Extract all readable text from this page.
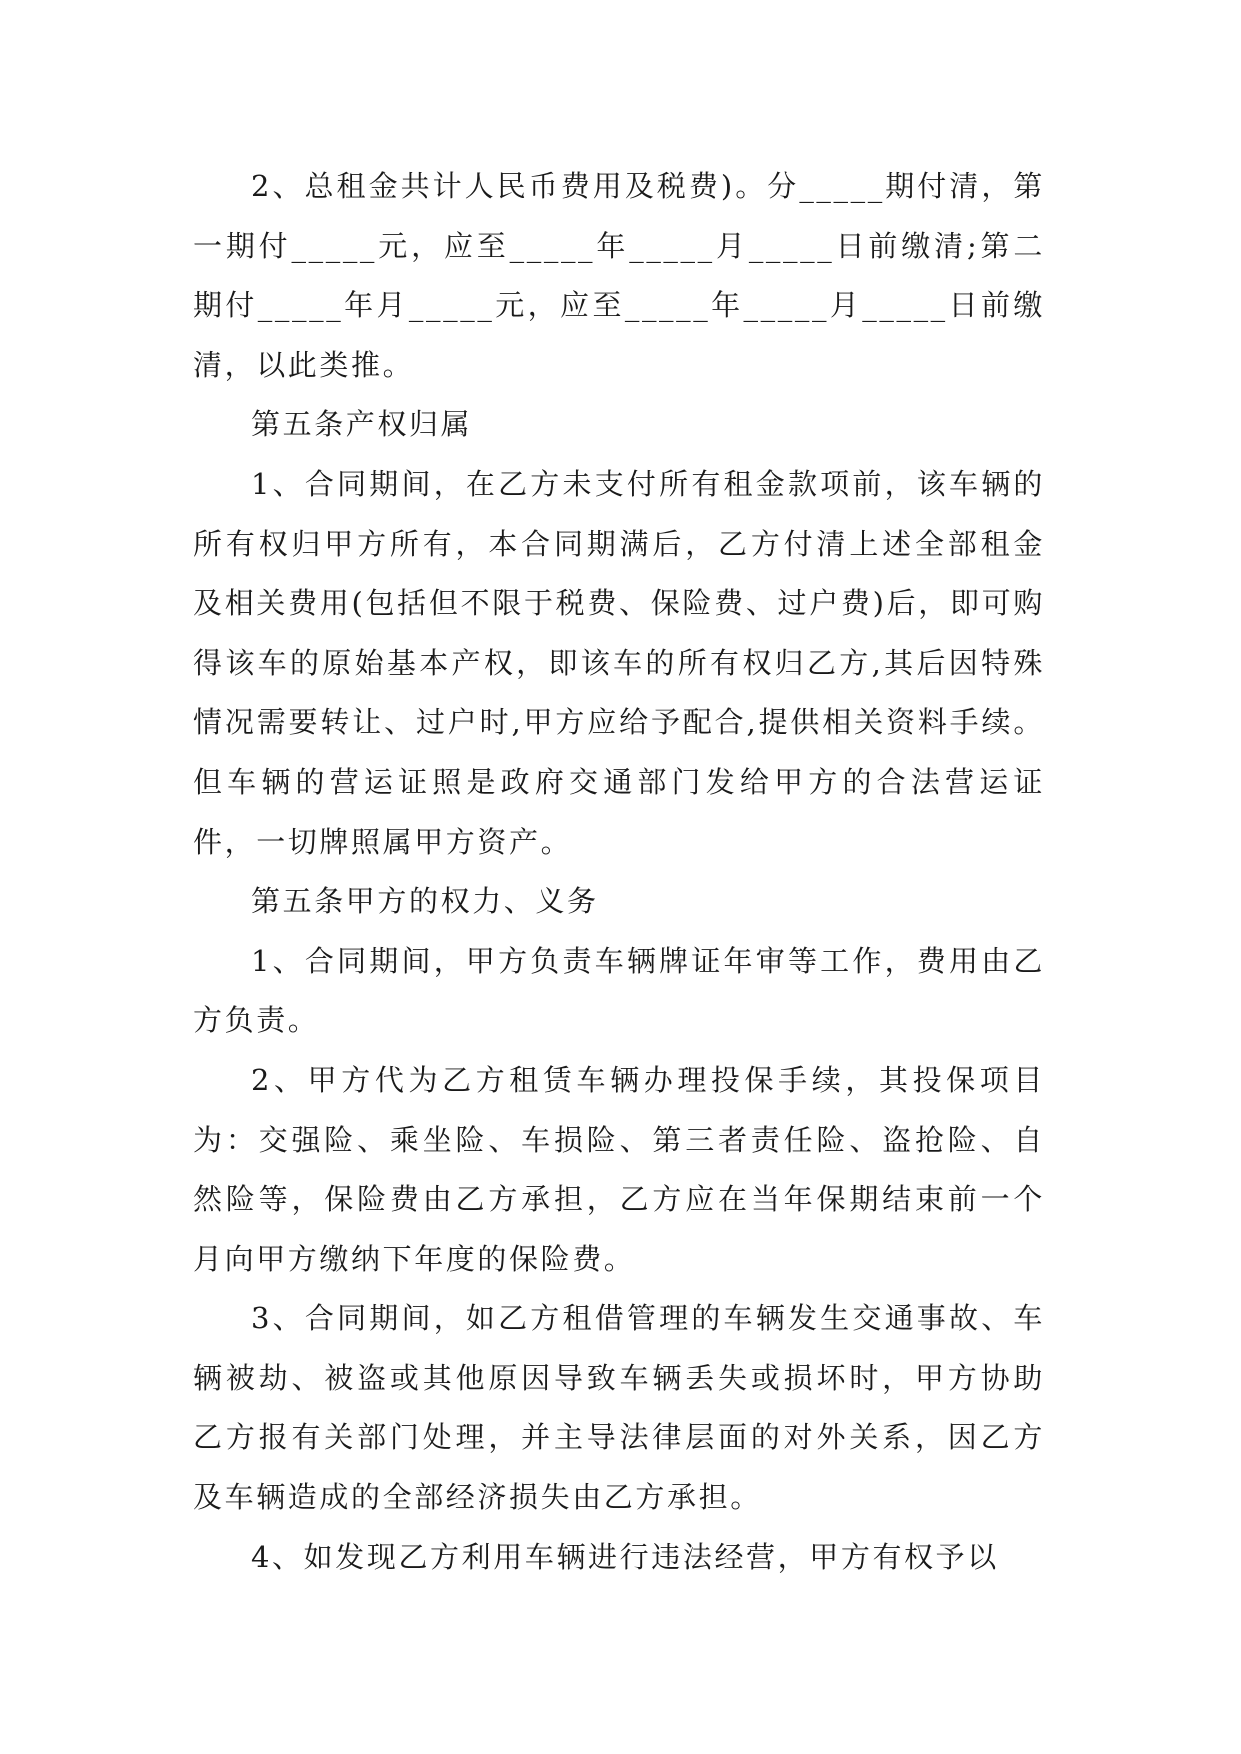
2、总租金共计人民币费用及税费)。分_____期付清，第一期付_____元，应至_____年_____月_____日前缴清;第二期付_____年月_____元，应至_____年_____月_____日前缴清，以此类推。

第五条产权归属

1、合同期间，在乙方未支付所有租金款项前，该车辆的所有权归甲方所有，本合同期满后，乙方付清上述全部租金及相关费用(包括但不限于税费、保险费、过户费)后，即可购得该车的原始基本产权，即该车的所有权归乙方,其后因特殊情况需要转让、过户时,甲方应给予配合,提供相关资料手续。但车辆的营运证照是政府交通部门发给甲方的合法营运证件，一切牌照属甲方资产。

第五条甲方的权力、义务

1、合同期间，甲方负责车辆牌证年审等工作，费用由乙方负责。

2、甲方代为乙方租赁车辆办理投保手续，其投保项目为：交强险、乘坐险、车损险、第三者责任险、盗抢险、自然险等，保险费由乙方承担，乙方应在当年保期结束前一个月向甲方缴纳下年度的保险费。

3、合同期间，如乙方租借管理的车辆发生交通事故、车辆被劫、被盗或其他原因导致车辆丢失或损坏时，甲方协助乙方报有关部门处理，并主导法律层面的对外关系，因乙方及车辆造成的全部经济损失由乙方承担。

4、如发现乙方利用车辆进行违法经营，甲方有权予以
